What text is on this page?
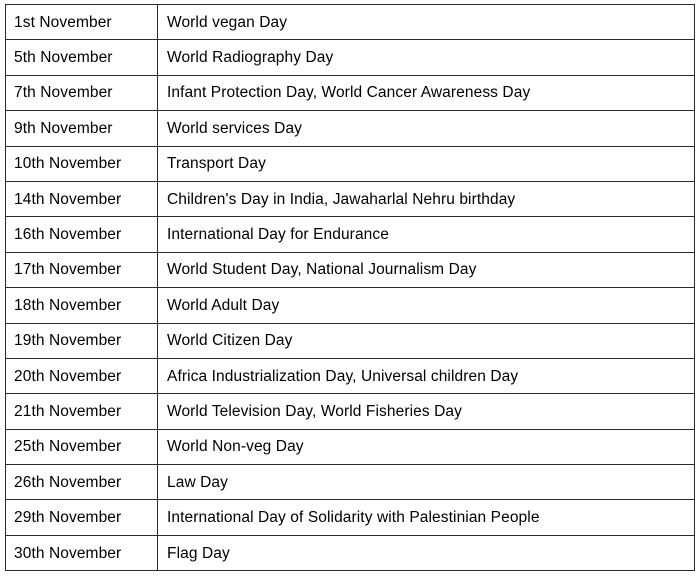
1st November	World vegan Day
5th November	World Radiography Day
7th November	Infant Protection Day, World Cancer Awareness Day
9th November	World services Day
10th November	Transport Day
14th November	Children's Day in India, Jawaharlal Nehru birthday
16th November	International Day for Endurance
17th November	World Student Day, National Journalism Day
18th November	World Adult Day
19th November	World Citizen Day
20th November	Africa Industrialization Day, Universal children Day
21th November	World Television Day, World Fisheries Day
25th November	World Non-veg Day
26th November	Law Day
29th November	International Day of Solidarity with Palestinian People
30th November	Flag Day
